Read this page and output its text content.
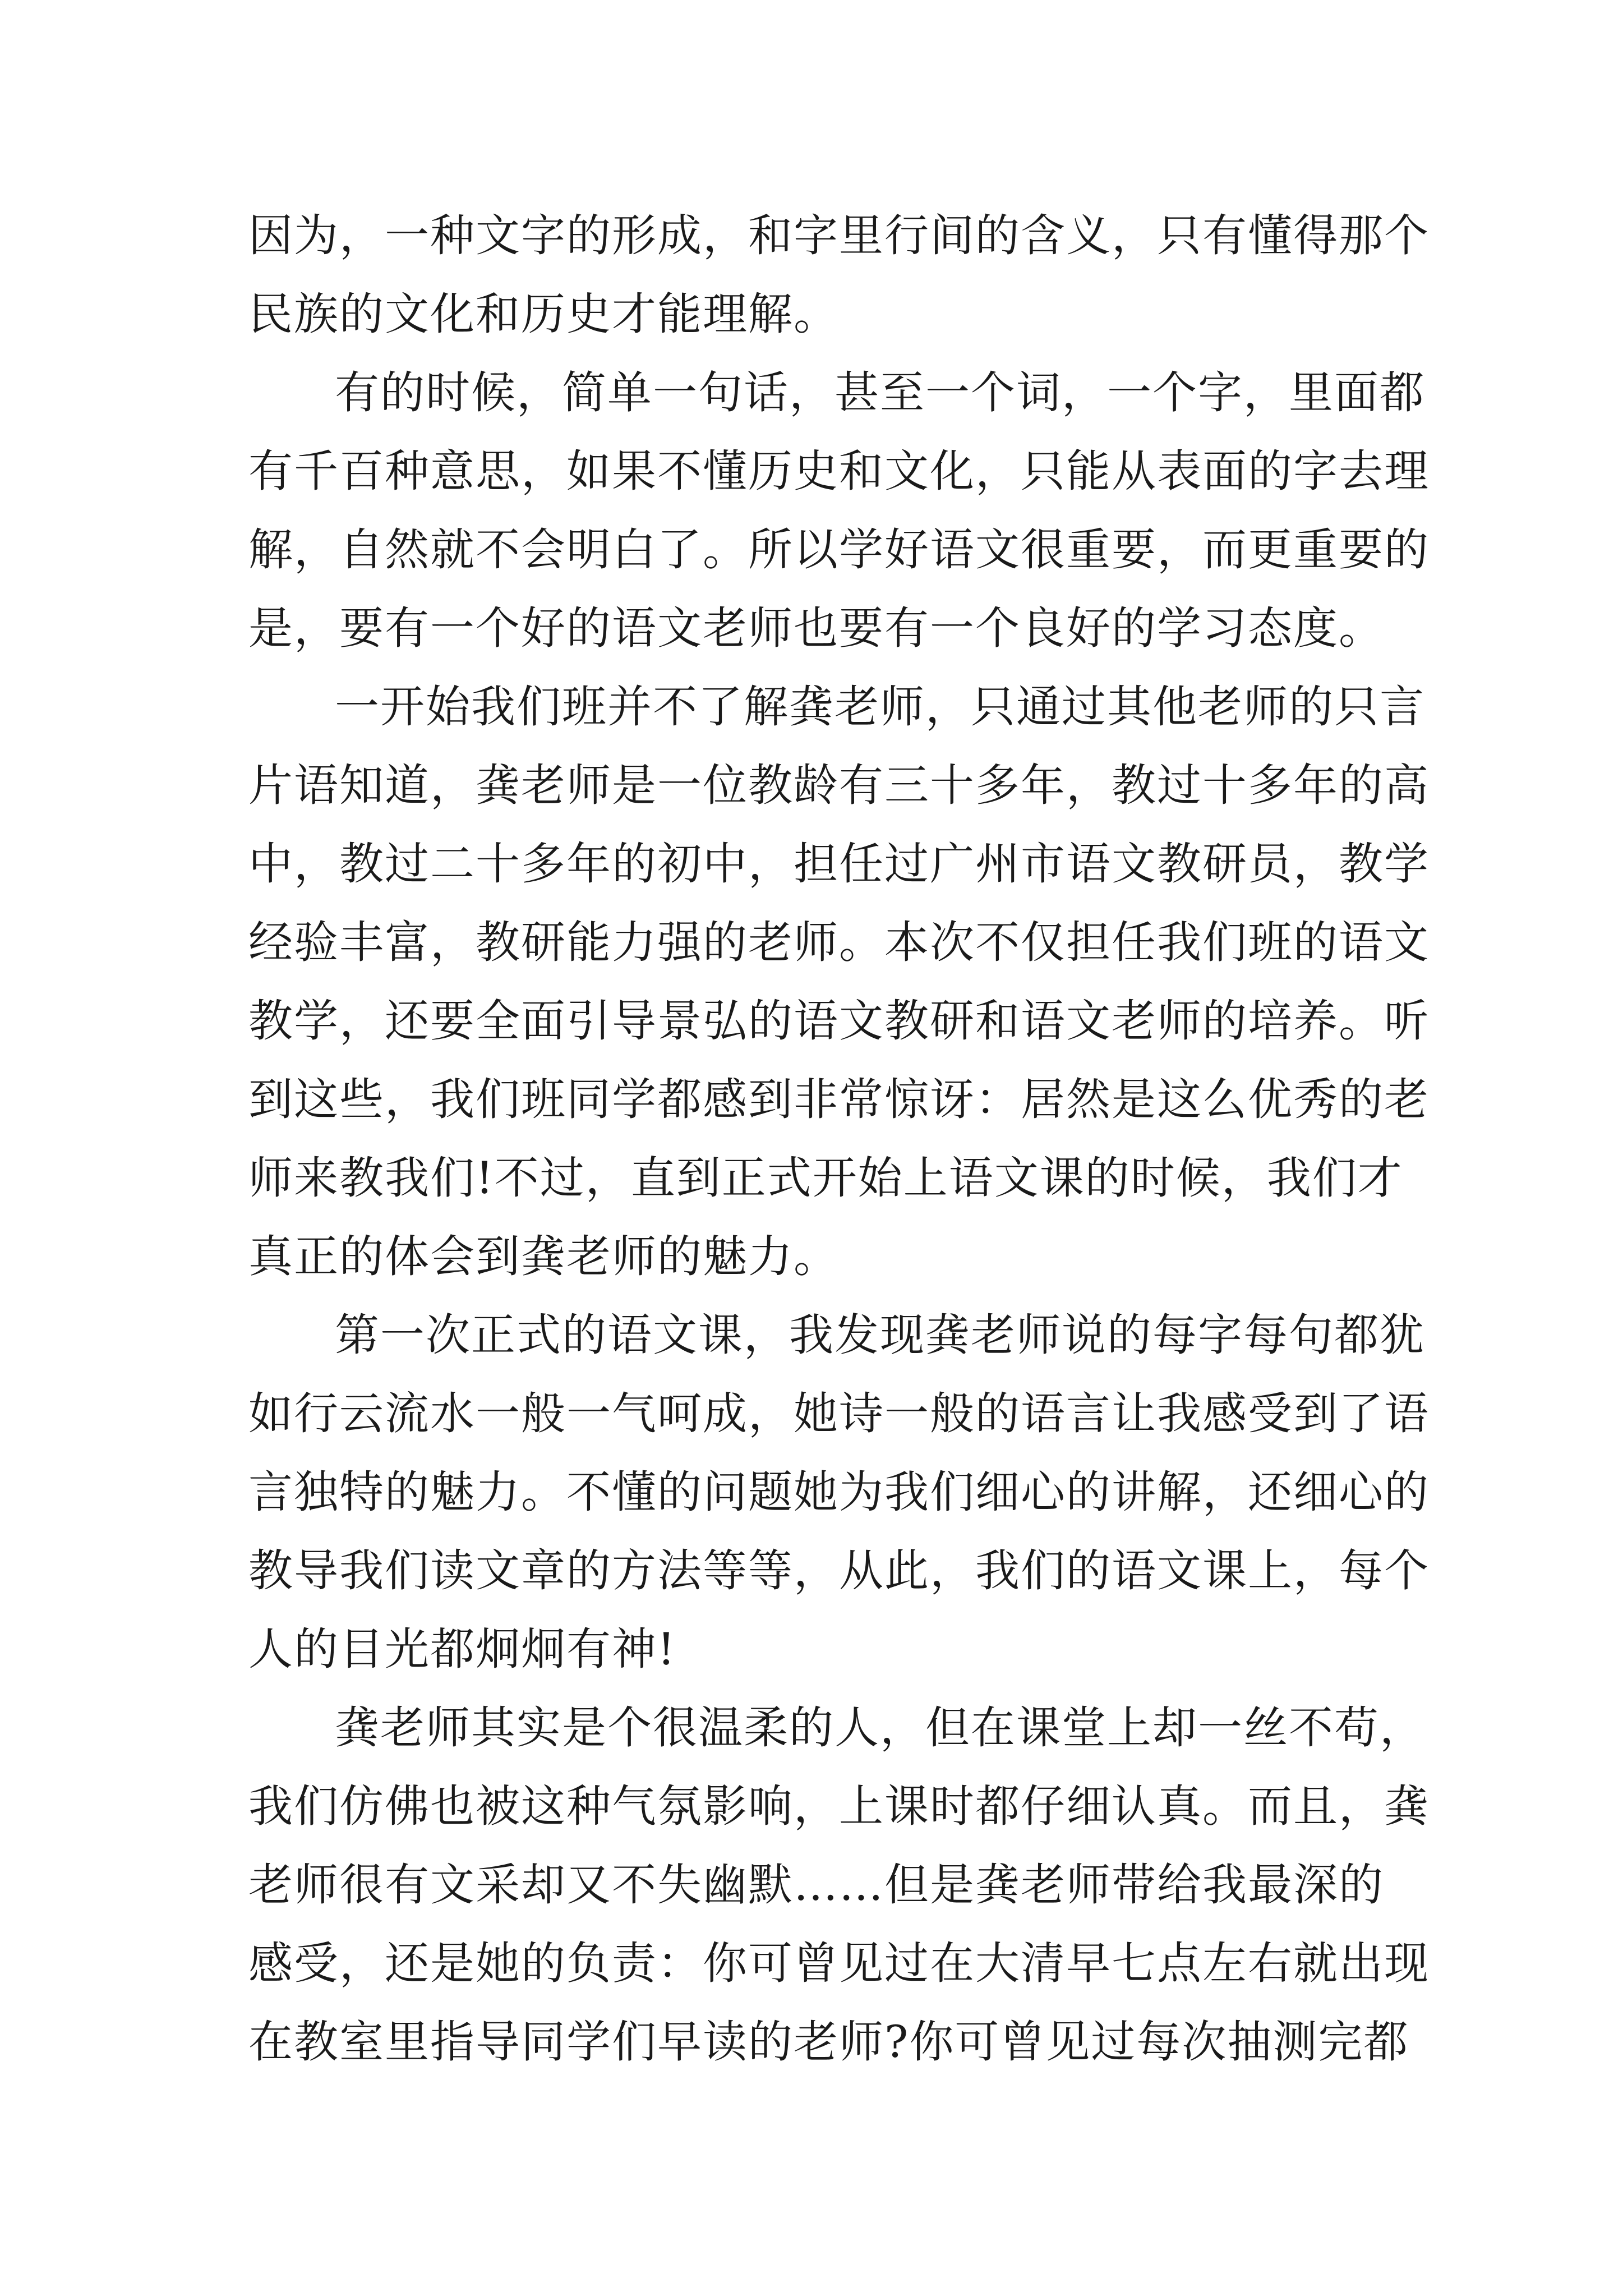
因为，一种文字的形成，和字里行间的含义，只有懂得那个
民族的文化和历史才能理解。
有的时候，简单一句话，甚至一个词，一个字，里面都
有千百种意思，如果不懂历史和文化，只能从表面的字去理
解，自然就不会明白了。所以学好语文很重要，而更重要的
是，要有一个好的语文老师也要有一个良好的学习态度。
一开始我们班并不了解龚老师，只通过其他老师的只言
片语知道，龚老师是一位教龄有三十多年，教过十多年的高
中，教过二十多年的初中，担任过广州市语文教研员，教学
经验丰富，教研能力强的老师。本次不仅担任我们班的语文
教学，还要全面引导景弘的语文教研和语文老师的培养。听
到这些，我们班同学都感到非常惊讶：居然是这么优秀的老
师来教我们!不过，直到正式开始上语文课的时候，我们才
真正的体会到龚老师的魅力。
第一次正式的语文课，我发现龚老师说的每字每句都犹
如行云流水一般一气呵成，她诗一般的语言让我感受到了语
言独特的魅力。不懂的问题她为我们细心的讲解，还细心的
教导我们读文章的方法等等，从此，我们的语文课上，每个
人的目光都炯炯有神!
龚老师其实是个很温柔的人，但在课堂上却一丝不苟，
我们仿佛也被这种气氛影响，上课时都仔细认真。而且，龚
老师很有文采却又不失幽默……但是龚老师带给我最深的
感受，还是她的负责：你可曾见过在大清早七点左右就出现
在教室里指导同学们早读的老师?你可曾见过每次抽测完都
